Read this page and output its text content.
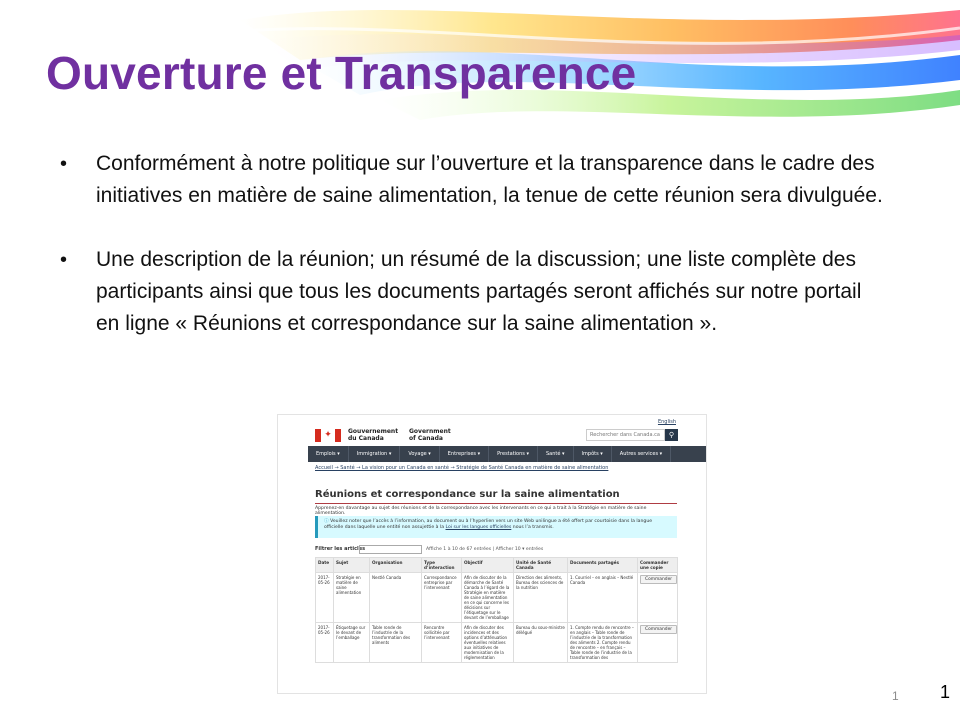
Ouverture et Transparence
• Conformément à notre politique sur l’ouverture et la transparence dans le cadre des initiatives en matière de saine alimentation, la tenue de cette réunion sera divulguée.
• Une description de la réunion; un résumé de la discussion; une liste complète des participants ainsi que tous les documents partagés seront affichés sur notre portail en ligne « Réunions et correspondance sur la saine alimentation ».
English
✦	Gouvernement
du Canada
Government
of Canada	Rechercher dans Canada.ca	⚲
Emplois ▾	Immigration ▾	Voyage ▾	Entreprises ▾	Prestations ▾	Santé ▾	Impôts ▾	Autres services ▾
Accueil → Santé → La vision pour un Canada en santé → Stratégie de Santé Canada en matière de saine alimentation
Réunions et correspondance sur la saine alimentation
Apprenez-en davantage au sujet des réunions et de la correspondance avec les intervenants en ce qui a trait à la Stratégie en matière de saine alimentation.
ⓘ Veuillez noter que l’accès à l’information, au document ou à l’hyperlien vers un site Web unilingue a été offert par courtoisie dans la langue officielle dans laquelle une entité non assujettie à la Loi sur les langues officielles nous l’a transmis.
Filtrer les articles	Affiche 1 à 10 de 67 entrées | Afficher 10 ▾ entrées
Date	Sujet	Organisation	Type d’interaction	Objectif	Unité de Santé Canada	Documents partagés	Commander une copie
2017-05-26	Stratégie en matière de saine alimentation	Nestlé Canada	Correspondance entreprise par l’intervenant	Afin de discuter de la démarche de Santé Canada à l’égard de la Stratégie en matière de saine alimentation en ce qui concerne les décisions sur l’étiquetage sur le devant de l’emballage	Direction des aliments, Bureau des sciences de la nutrition	1. Courriel – en anglais – Nestlé Canada	Commander
2017-05-26	Étiquetage sur le devant de l’emballage	Table ronde de l’industrie de la transformation des aliments	Rencontre sollicitée par l’intervenant	Afin de discuter des incidences et des options d’atténuation éventuelles relatives aux initiatives de modernisation de la réglementation	Bureau du sous-ministre délégué	1. Compte rendu de rencontre – en anglais – Table ronde de l’industrie de la transformation des aliments 2. Compte rendu de rencontre – en français – Table ronde de l’industrie de la transformation des	Commander
1 1
